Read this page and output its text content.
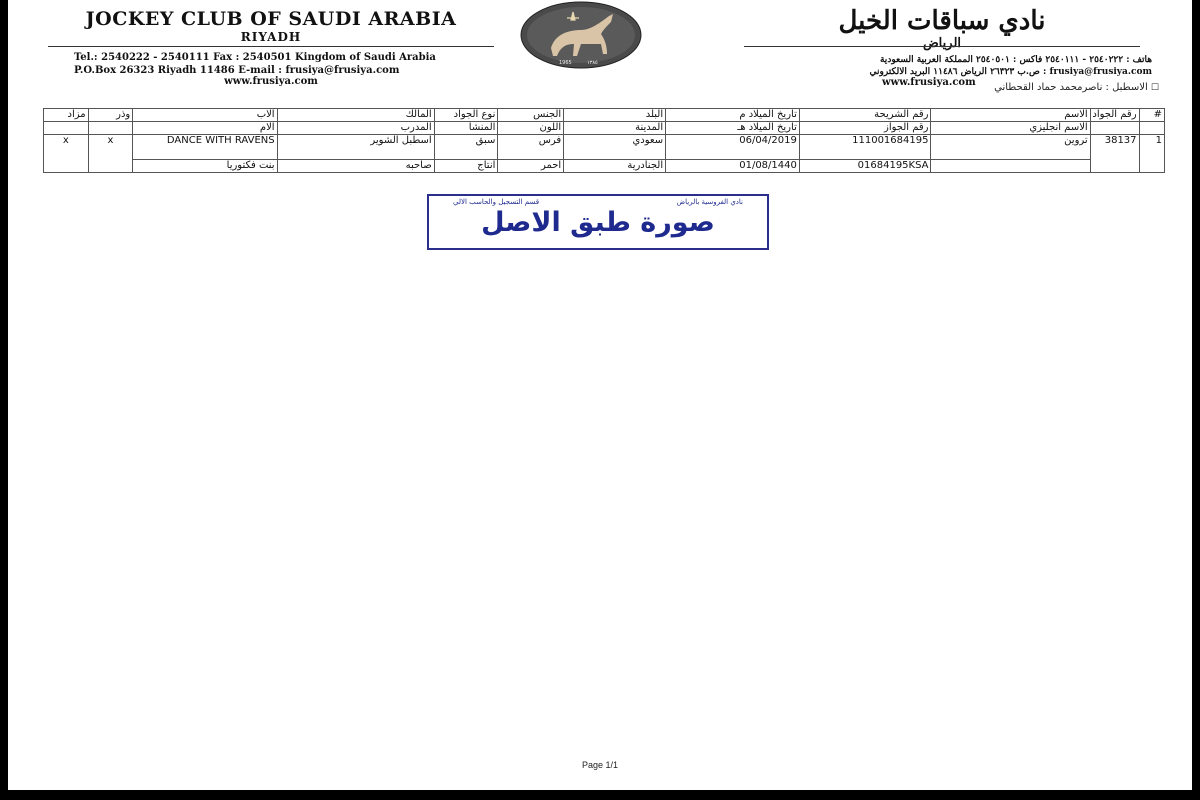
JOCKEY CLUB OF SAUDI ARABIA
RIYADH
Tel.: 2540222 - 2540111 Fax : 2540501 Kingdom of Saudi Arabia
P.O.Box 26323 Riyadh 11486 E-mail : frusiya@frusiya.com
www.frusiya.com
1965	١٣٨٥
نادي سباقات الخيل
الرياض
هاتف : ٢٥٤٠٢٢٢ - ٢٥٤٠١١١ فاكس : ٢٥٤٠٥٠١ المملكة العربية السعودية
frusiya@frusiya.com : ص.ب ٢٦٣٢٣ الرياض ١١٤٨٦ البريد الالكتروني
www.frusiya.com	☐ الاسطبل : ناصرمحمد حماد القحطاني
#	رقم الجواد	الاسم	رقم الشريحة	تاريخ الميلاد م	البلد	الجنس	نوع الجواد	المالك	الاب	وذر	مزاد
		الاسم انجليزي	رقم الجواز	تاريخ الميلاد هـ	المدينة	اللون	المنشأ	المدرب	الام		
1	38137	تروين	111001684195	06/04/2019	سعودي	فرس	سبق	اسطبل الشوير	DANCE WITH RAVENS	x	x
			01684195KSA	01/08/1440	الجنادرية	احمر	انتاج	صاحبه	بنت فكتوريا		
نادي الفروسية بالرياض
قسم التسجيل والحاسب الالي
صورة طبق الاصل
Page 1/1
